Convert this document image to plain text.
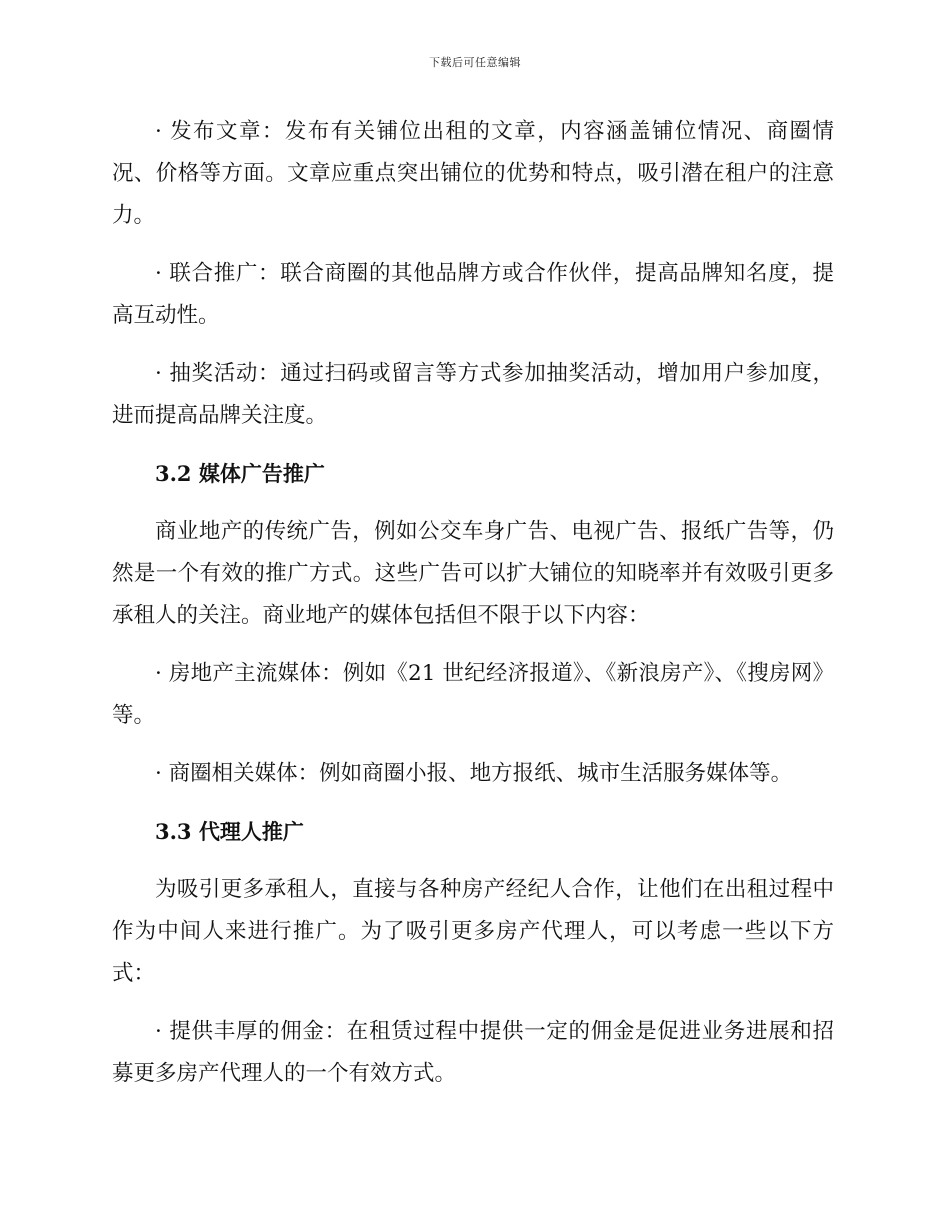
下载后可任意编辑

· 发布文章：发布有关铺位出租的文章，内容涵盖铺位情况、商圈情况、价格等方面。文章应重点突出铺位的优势和特点，吸引潜在租户的注意力。

· 联合推广：联合商圈的其他品牌方或合作伙伴，提高品牌知名度，提高互动性。

· 抽奖活动：通过扫码或留言等方式参加抽奖活动，增加用户参加度，进而提高品牌关注度。

3.2 媒体广告推广

商业地产的传统广告，例如公交车身广告、电视广告、报纸广告等，仍然是一个有效的推广方式。这些广告可以扩大铺位的知晓率并有效吸引更多承租人的关注。商业地产的媒体包括但不限于以下内容：

· 房地产主流媒体：例如《21 世纪经济报道》、《新浪房产》、《搜房网》等。

· 商圈相关媒体：例如商圈小报、地方报纸、城市生活服务媒体等。

3.3 代理人推广

为吸引更多承租人，直接与各种房产经纪人合作，让他们在出租过程中作为中间人来进行推广。为了吸引更多房产代理人，可以考虑一些以下方式：

· 提供丰厚的佣金：在租赁过程中提供一定的佣金是促进业务进展和招募更多房产代理人的一个有效方式。
